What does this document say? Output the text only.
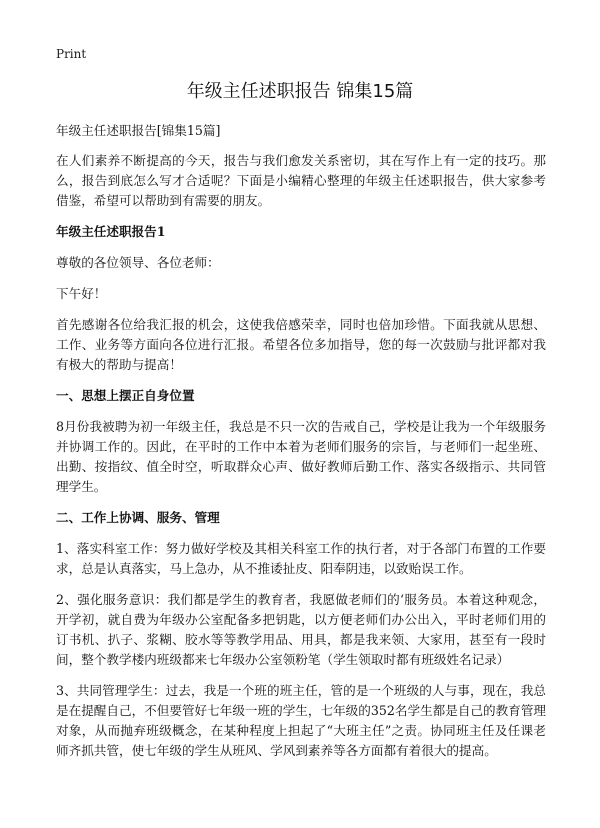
Print
年级主任述职报告 锦集15篇

年级主任述职报告[锦集15篇]

在人们素养不断提高的今天，报告与我们愈发关系密切，其在写作上有一定的技巧。那么，报告到底怎么写才合适呢？下面是小编精心整理的年级主任述职报告，供大家参考借鉴，希望可以帮助到有需要的朋友。

年级主任述职报告1

尊敬的各位领导、各位老师：

下午好！

首先感谢各位给我汇报的机会，这使我倍感荣幸，同时也倍加珍惜。下面我就从思想、工作、业务等方面向各位进行汇报。希望各位多加指导，您的每一次鼓励与批评都对我有极大的帮助与提高！

一、思想上摆正自身位置

8月份我被聘为初一年级主任，我总是不只一次的告戒自己，学校是让我为一个年级服务并协调工作的。因此，在平时的工作中本着为老师们服务的宗旨，与老师们一起坐班、出勤、按指纹、值全时空，听取群众心声、做好教师后勤工作、落实各级指示、共同管理学生。

二、工作上协调、服务、管理

1、落实科室工作：努力做好学校及其相关科室工作的执行者，对于各部门布置的工作要求，总是认真落实，马上急办，从不推诿扯皮、阳奉阴违，以致贻误工作。

2、强化服务意识：我们都是学生的教育者，我愿做老师们的‘服务员。本着这种观念，开学初，就自费为年级办公室配备多把钥匙，以方便老师们办公出入，平时老师们用的订书机、扒子、浆糊、胶水等等教学用品、用具，都是我来领、大家用，甚至有一段时间，整个教学楼内班级都来七年级办公室领粉笔（学生领取时都有班级姓名记录）

3、共同管理学生：过去，我是一个班的班主任，管的是一个班级的人与事，现在，我总是在提醒自己，不但要管好七年级一班的学生，七年级的352名学生都是自己的教育管理对象，从而抛弃班级概念，在某种程度上担起了“大班主任”之责。协同班主任及任课老师齐抓共管，使七年级的学生从班风、学风到素养等各方面都有着很大的提高。
